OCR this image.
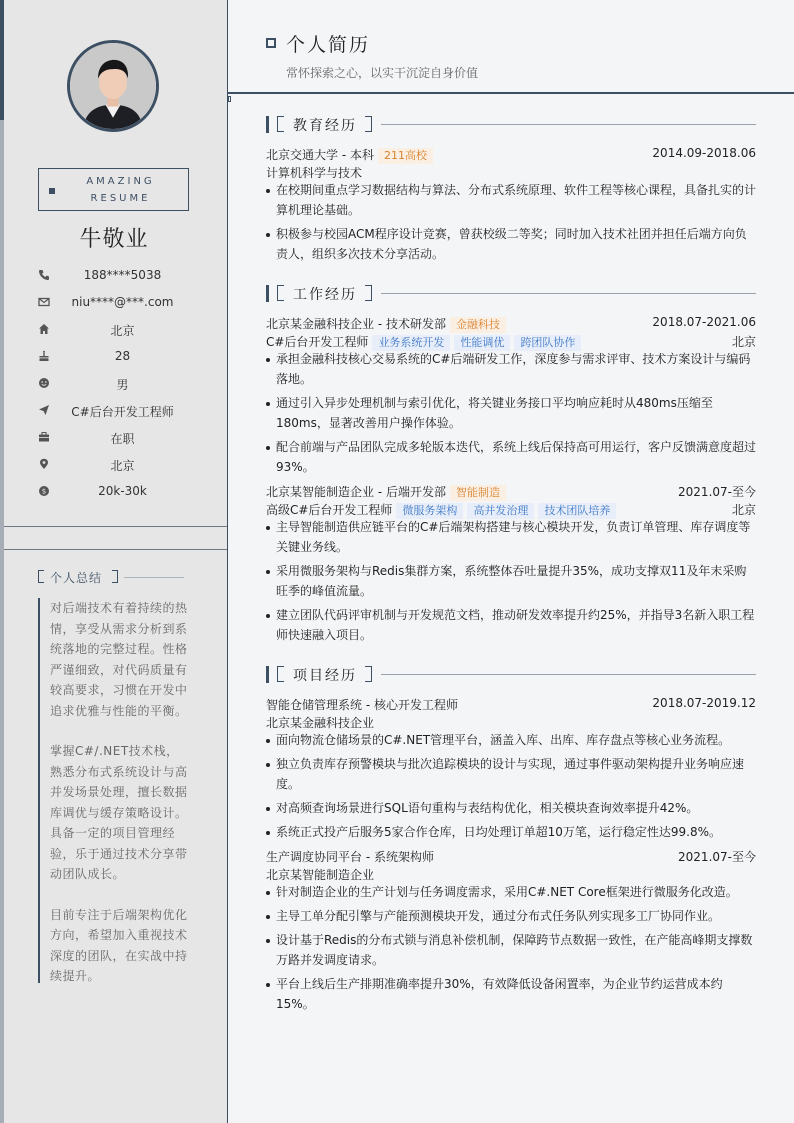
AMAZING
RESUME
牛敬业
188****5038
niu****@***.com
北京
28
男
C#后台开发工程师
在职
北京
$	20k-30k
个人总结

对后端技术有着持续的热情，享受从需求分析到系统落地的完整过程。性格严谨细致，对代码质量有较高要求，习惯在开发中追求优雅与性能的平衡。

掌握C#/.NET技术栈，熟悉分布式系统设计与高并发场景处理，擅长数据库调优与缓存策略设计。具备一定的项目管理经验，乐于通过技术分享带动团队成长。

目前专注于后端架构优化方向，希望加入重视技术深度的团队，在实战中持续提升。

个人简历
常怀探索之心，以实干沉淀自身价值
教育经历
北京交通大学 - 本科 211高校	2014.09-2018.06
计算机科学与技术
在校期间重点学习数据结构与算法、分布式系统原理、软件工程等核心课程，具备扎实的计算机理论基础。
积极参与校园ACM程序设计竞赛，曾获校级二等奖；同时加入技术社团并担任后端方向负责人，组织多次技术分享活动。
工作经历
北京某金融科技企业 - 技术研发部 金融科技	2018.07-2021.06
C#后台开发工程师 业务系统开发 性能调优 跨团队协作	北京
承担金融科技核心交易系统的C#后端研发工作，深度参与需求评审、技术方案设计与编码落地。
通过引入异步处理机制与索引优化，将关键业务接口平均响应耗时从480ms压缩至180ms，显著改善用户操作体验。
配合前端与产品团队完成多轮版本迭代，系统上线后保持高可用运行，客户反馈满意度超过93%。
北京某智能制造企业 - 后端开发部 智能制造	2021.07-至今
高级C#后台开发工程师 微服务架构 高并发治理 技术团队培养	北京
主导智能制造供应链平台的C#后端架构搭建与核心模块开发，负责订单管理、库存调度等关键业务线。
采用微服务架构与Redis集群方案，系统整体吞吐量提升35%，成功支撑双11及年末采购旺季的峰值流量。
建立团队代码评审机制与开发规范文档，推动研发效率提升约25%，并指导3名新入职工程师快速融入项目。
项目经历
智能仓储管理系统 - 核心开发工程师	2018.07-2019.12
北京某金融科技企业
面向物流仓储场景的C#.NET管理平台，涵盖入库、出库、库存盘点等核心业务流程。
独立负责库存预警模块与批次追踪模块的设计与实现，通过事件驱动架构提升业务响应速度。
对高频查询场景进行SQL语句重构与表结构优化，相关模块查询效率提升42%。
系统正式投产后服务5家合作仓库，日均处理订单超10万笔，运行稳定性达99.8%。
生产调度协同平台 - 系统架构师	2021.07-至今
北京某智能制造企业
针对制造企业的生产计划与任务调度需求，采用C#.NET Core框架进行微服务化改造。
主导工单分配引擎与产能预测模块开发，通过分布式任务队列实现多工厂协同作业。
设计基于Redis的分布式锁与消息补偿机制，保障跨节点数据一致性，在产能高峰期支撑数万路并发调度请求。
平台上线后生产排期准确率提升30%，有效降低设备闲置率，为企业节约运营成本约15%。
